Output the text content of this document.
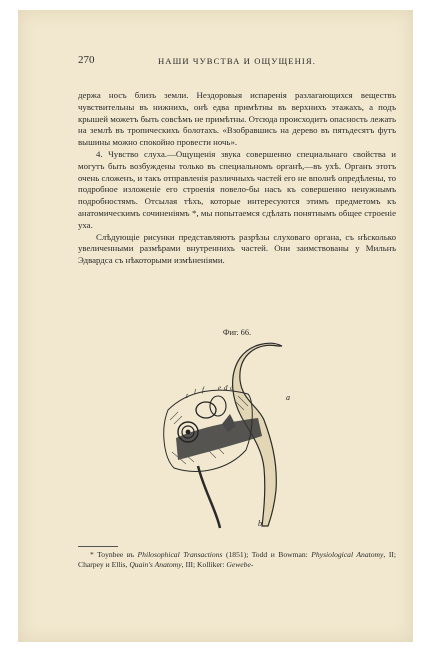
270	НАШИ ЧУВСТВА И ОЩУЩЕНІЯ.

держа носъ близъ земли. Нездоровыя испаренія разлагающихся веществъ чувствительны въ нижнихъ, онѣ едва примѣтны въ верхнихъ этажахъ, а подъ крышей можетъ быть совсѣмъ не примѣтны. Отсюда происходитъ опасность лежать на землѣ въ тропическихъ болотахъ. «Взобравшись на дерево въ пятьдесятъ футъ вышины можно спокойно провести ночь».

4. Чувство слуха.—Ощущенія звука совершенно специальнаго свойства и могутъ быть возбуждены только въ специальномъ органѣ,—въ ухѣ. Органъ этотъ очень сложенъ, и такъ отправленія различныхъ частей его не вполнѣ опредѣлены, то подробное изложеніе его строенія повело-бы насъ къ совершенно ненужнымъ подробностямъ. Отсылая тѣхъ, которые интересуются этимъ предметомъ къ анатомическимъ сочиненіямъ *, мы попытаемся сдѣлать понятнымъ общее строеніе уха.

Слѣдующіе рисунки представляютъ разрѣзы слуховаго органа, съ нѣсколько увеличенными размѣрами внутреннихъ частей. Они заимствованы у Мильнъ Эдвардса съ нѣкоторыми измѣненіями.

Фиг. 66.
a
b
c
d
e
f
l
t

* Toynbee въ Philosophical Transactions (1851); Todd и Bowman: Physiological Anatomy, II; Charpey и Ellis, Quain's Anatomy, III; Kolliker: Gewebe-
